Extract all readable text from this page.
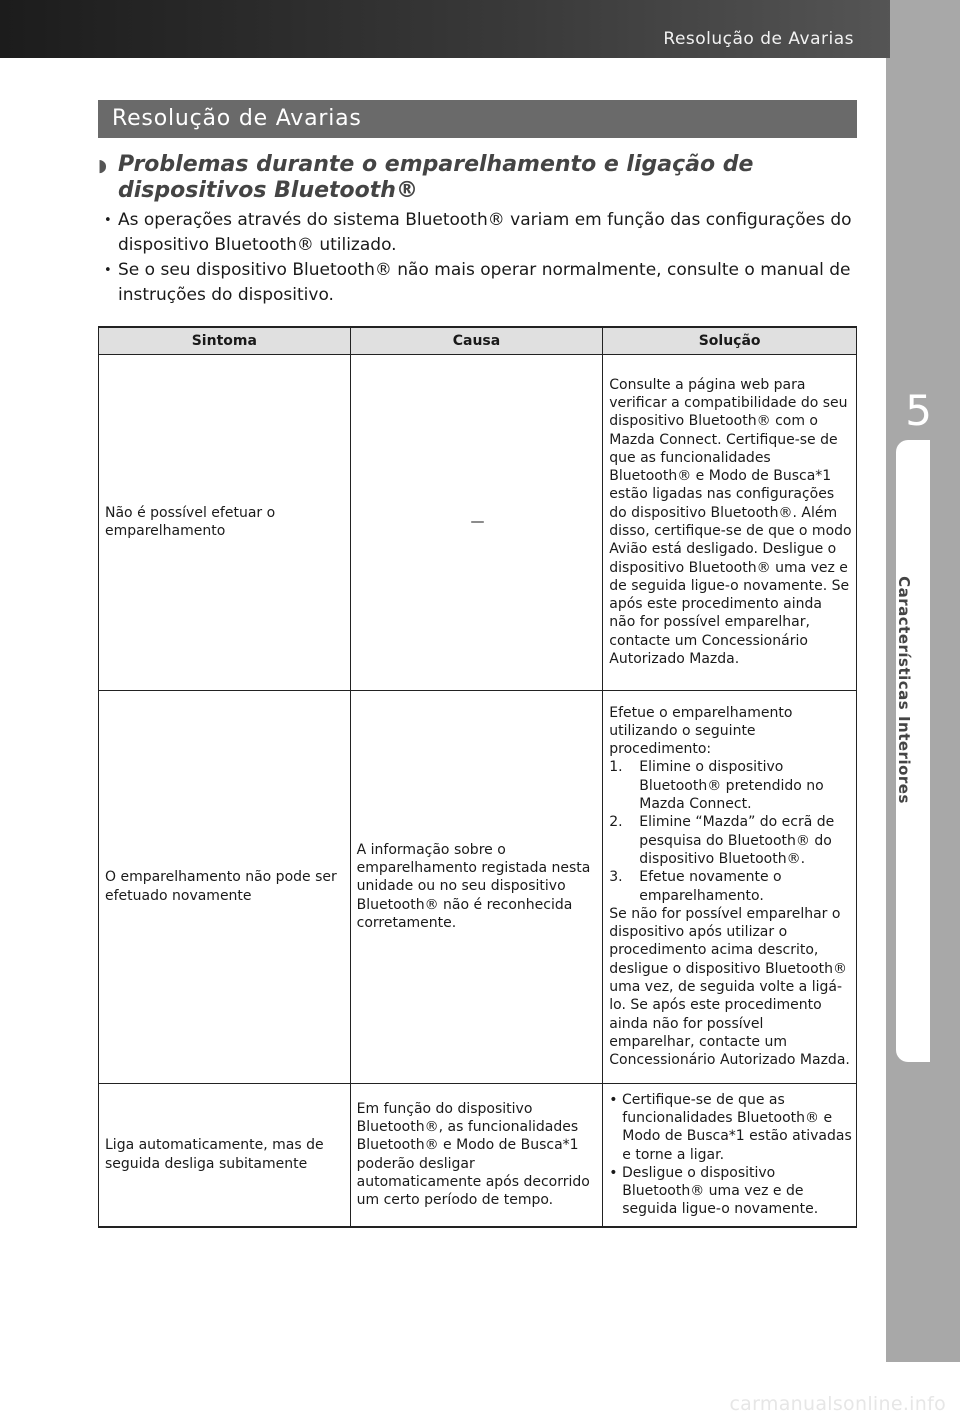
Resolução de Avarias
5
5-25
carmanualsonline.info
Características Interiores
Resolução de Avarias
◗ Problemas durante o emparelhamento e ligação de dispositivos Bluetooth®
• As operações através do sistema Bluetooth® variam em função das configurações do dispositivo Bluetooth® utilizado.
• Se o seu dispositivo Bluetooth® não mais operar normalmente, consulte o manual de instruções do dispositivo.
Sintoma	Causa	Solução
Não é possível efetuar o emparelhamento	—	Consulte a página web para verificar a compatibilidade do seu dispositivo Bluetooth® com o Mazda Connect. Certifique-se de que as funcionalidades Bluetooth® e Modo de Busca*1 estão ligadas nas configurações do dispositivo Bluetooth®. Além disso, certifique-se de que o modo Avião está desligado. Desligue o dispositivo Bluetooth® uma vez e de seguida ligue-o novamente. Se após este procedimento ainda não for possível emparelhar, contacte um Concessionário Autorizado Mazda.
O emparelhamento não pode ser efetuado novamente	A informação sobre o emparelhamento registada nesta unidade ou no seu dispositivo Bluetooth® não é reconhecida corretamente.	Efetue o emparelhamento utilizando o seguinte procedimento:
1. Elimine o dispositivo Bluetooth® pretendido no Mazda Connect.
2. Elimine “Mazda” do ecrã de pesquisa do Bluetooth® do dispositivo Bluetooth®.
3. Efetue novamente o emparelhamento.
Se não for possível emparelhar o dispositivo após utilizar o procedimento acima descrito, desligue o dispositivo Bluetooth® uma vez, de seguida volte a ligá-lo. Se após este procedimento ainda não for possível emparelhar, contacte um Concessionário Autorizado Mazda.

Liga automaticamente, mas de seguida desliga subitamente	Em função do dispositivo Bluetooth®, as funcionalidades Bluetooth® e Modo de Busca*1 poderão desligar automaticamente após decorrido um certo período de tempo.	• Certifique-se de que as funcionalidades Bluetooth® e Modo de Busca*1 estão ativadas e torne a ligar.
• Desligue o dispositivo Bluetooth® uma vez e de seguida ligue-o novamente.
